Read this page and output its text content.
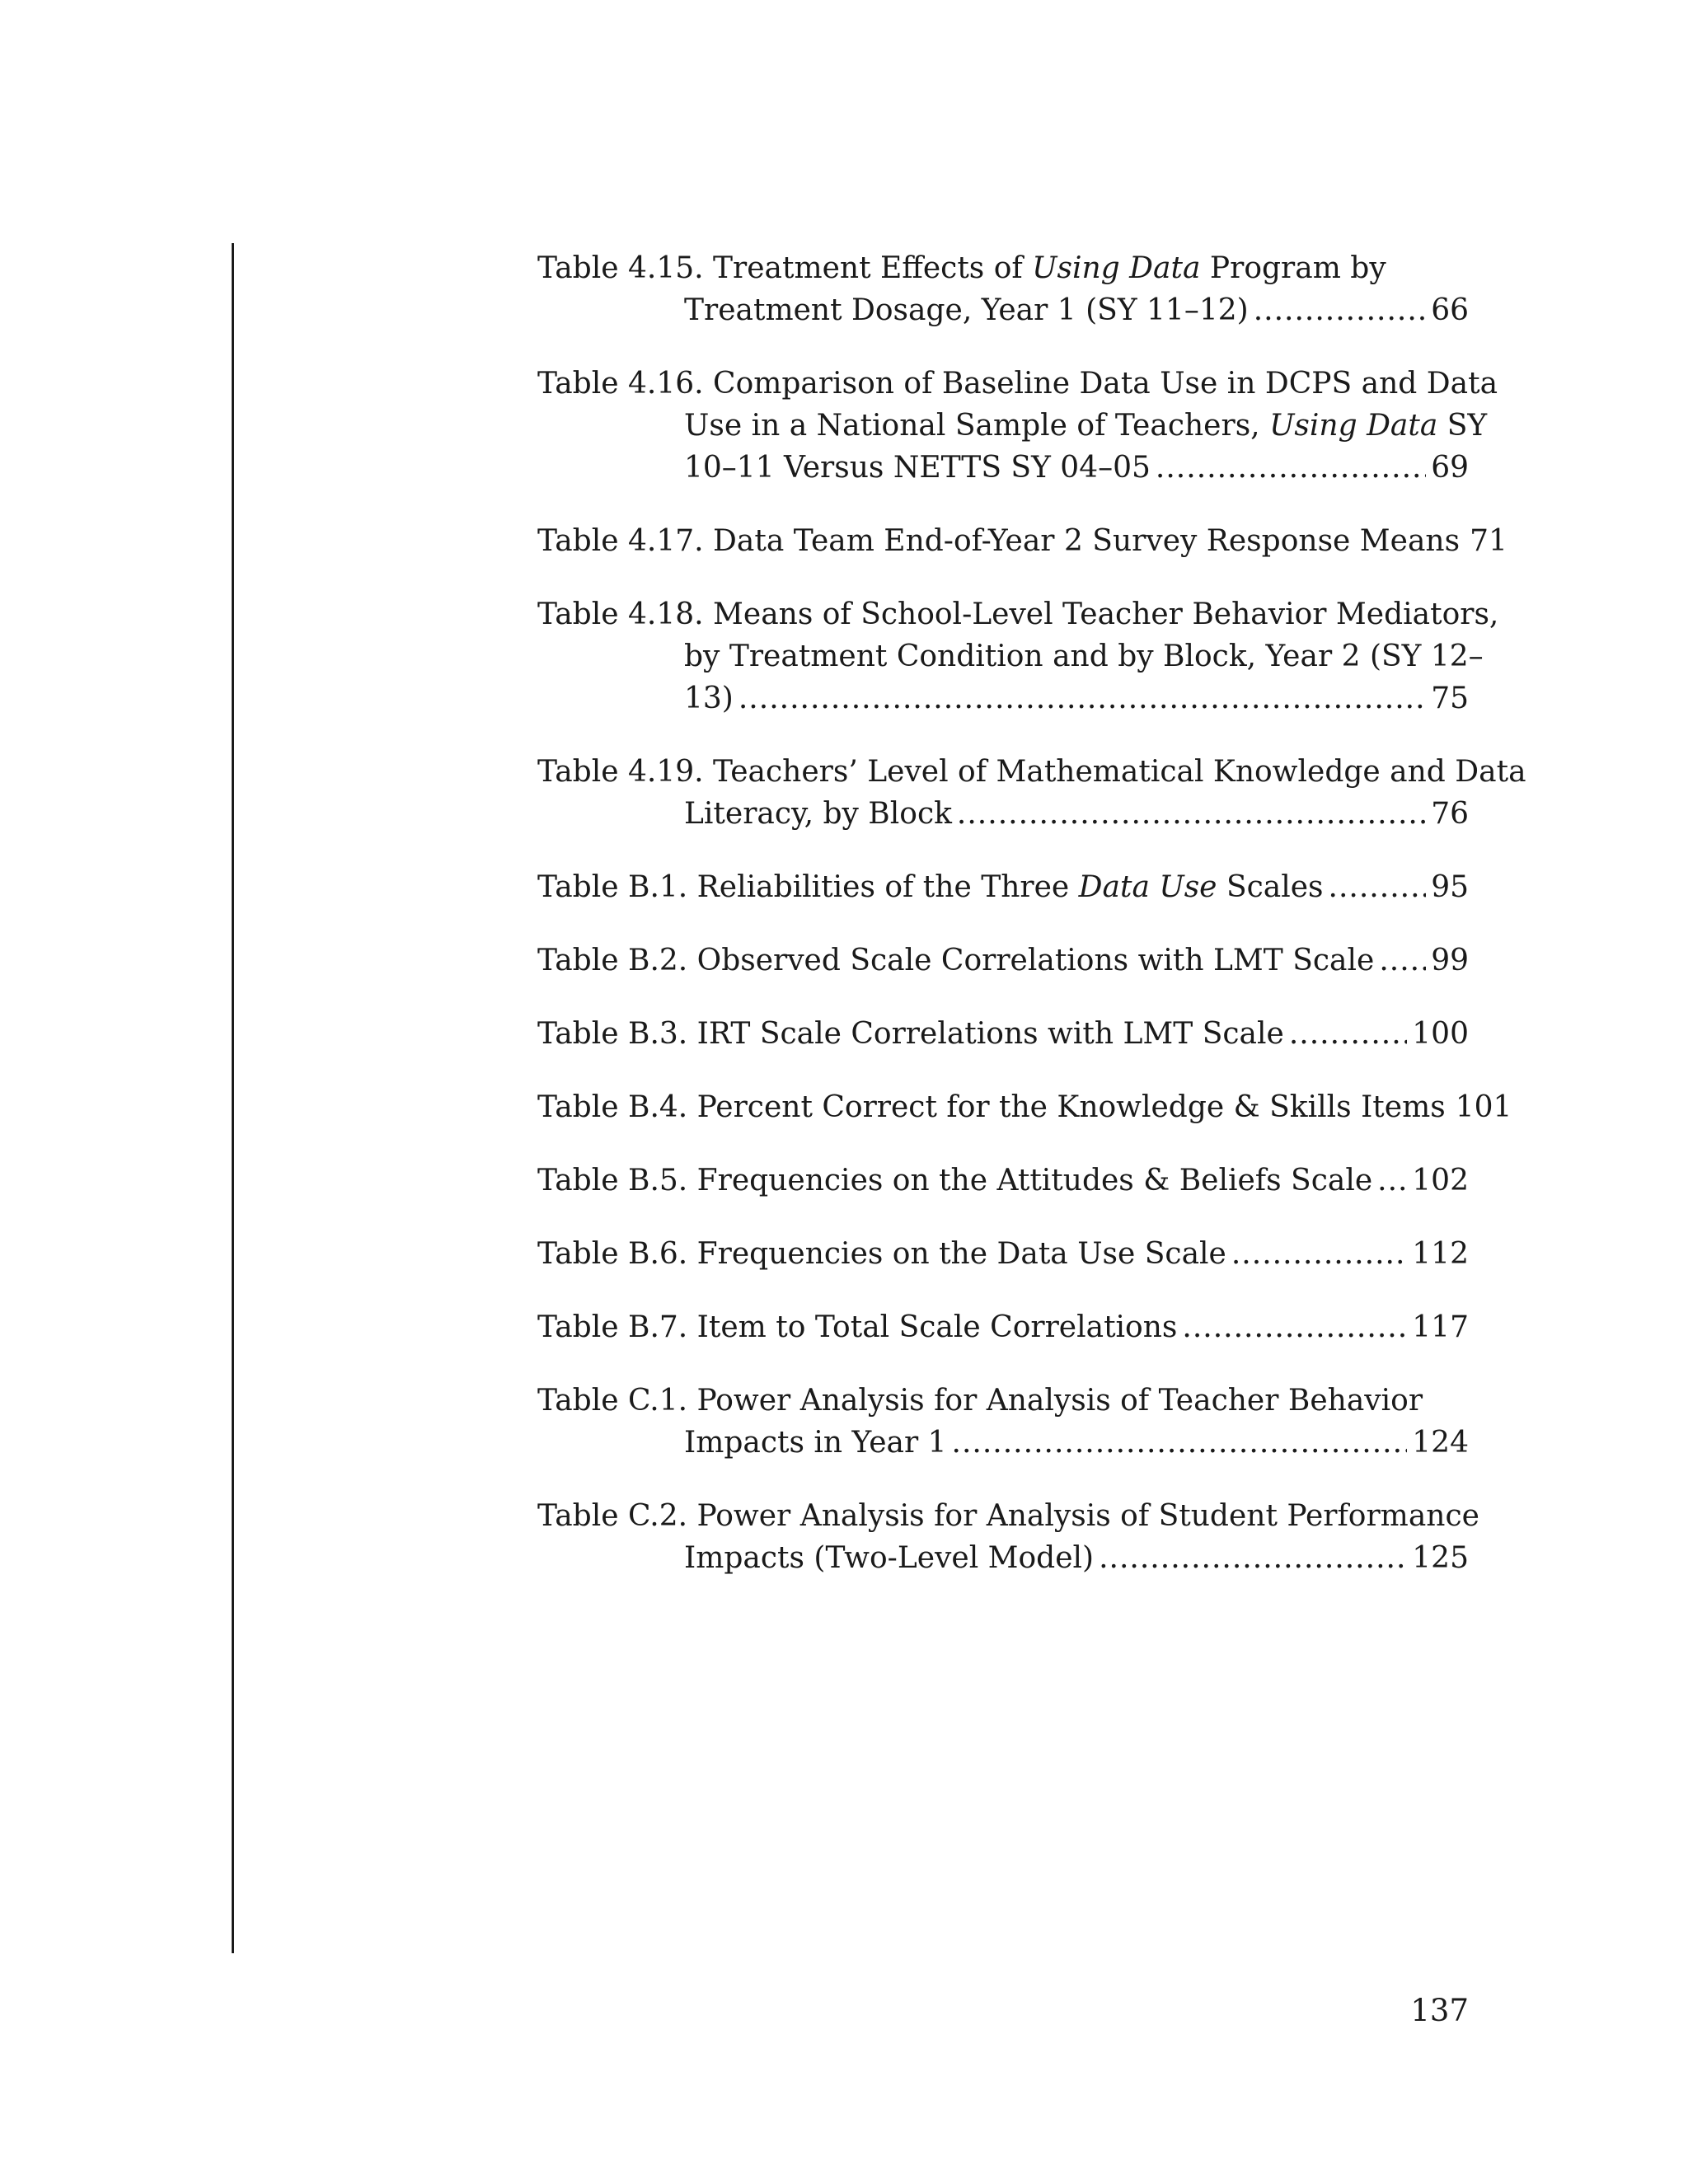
Table 4.15. Treatment Effects of Using Data Program by
Treatment Dosage, Year 1 (SY 11–12) .....	66
Table 4.16. Comparison of Baseline Data Use in DCPS and Data
Use in a National Sample of Teachers, Using Data SY
10–11 Versus NETTS SY 04–05 .....	69
Table 4.17. Data Team End-of-Year 2 Survey Response Means 71
Table 4.18. Means of School-Level Teacher Behavior Mediators,
by Treatment Condition and by Block, Year 2 (SY 12–
13) .....	75
Table 4.19. Teachers’ Level of Mathematical Knowledge and Data
Literacy, by Block .....	76
Table B.1. Reliabilities of the Three Data Use Scales .....	95
Table B.2. Observed Scale Correlations with LMT Scale ..... 99
Table B.3. IRT Scale Correlations with LMT Scale .....	100
Table B.4. Percent Correct for the Knowledge & Skills Items 101
Table B.5. Frequencies on the Attitudes & Beliefs Scale ..... 102
Table B.6. Frequencies on the Data Use Scale .....	112
Table B.7. Item to Total Scale Correlations .....	117
Table C.1. Power Analysis for Analysis of Teacher Behavior
Impacts in Year 1 .....	124
Table C.2. Power Analysis for Analysis of Student Performance
Impacts (Two-Level Model) .....	125
137
